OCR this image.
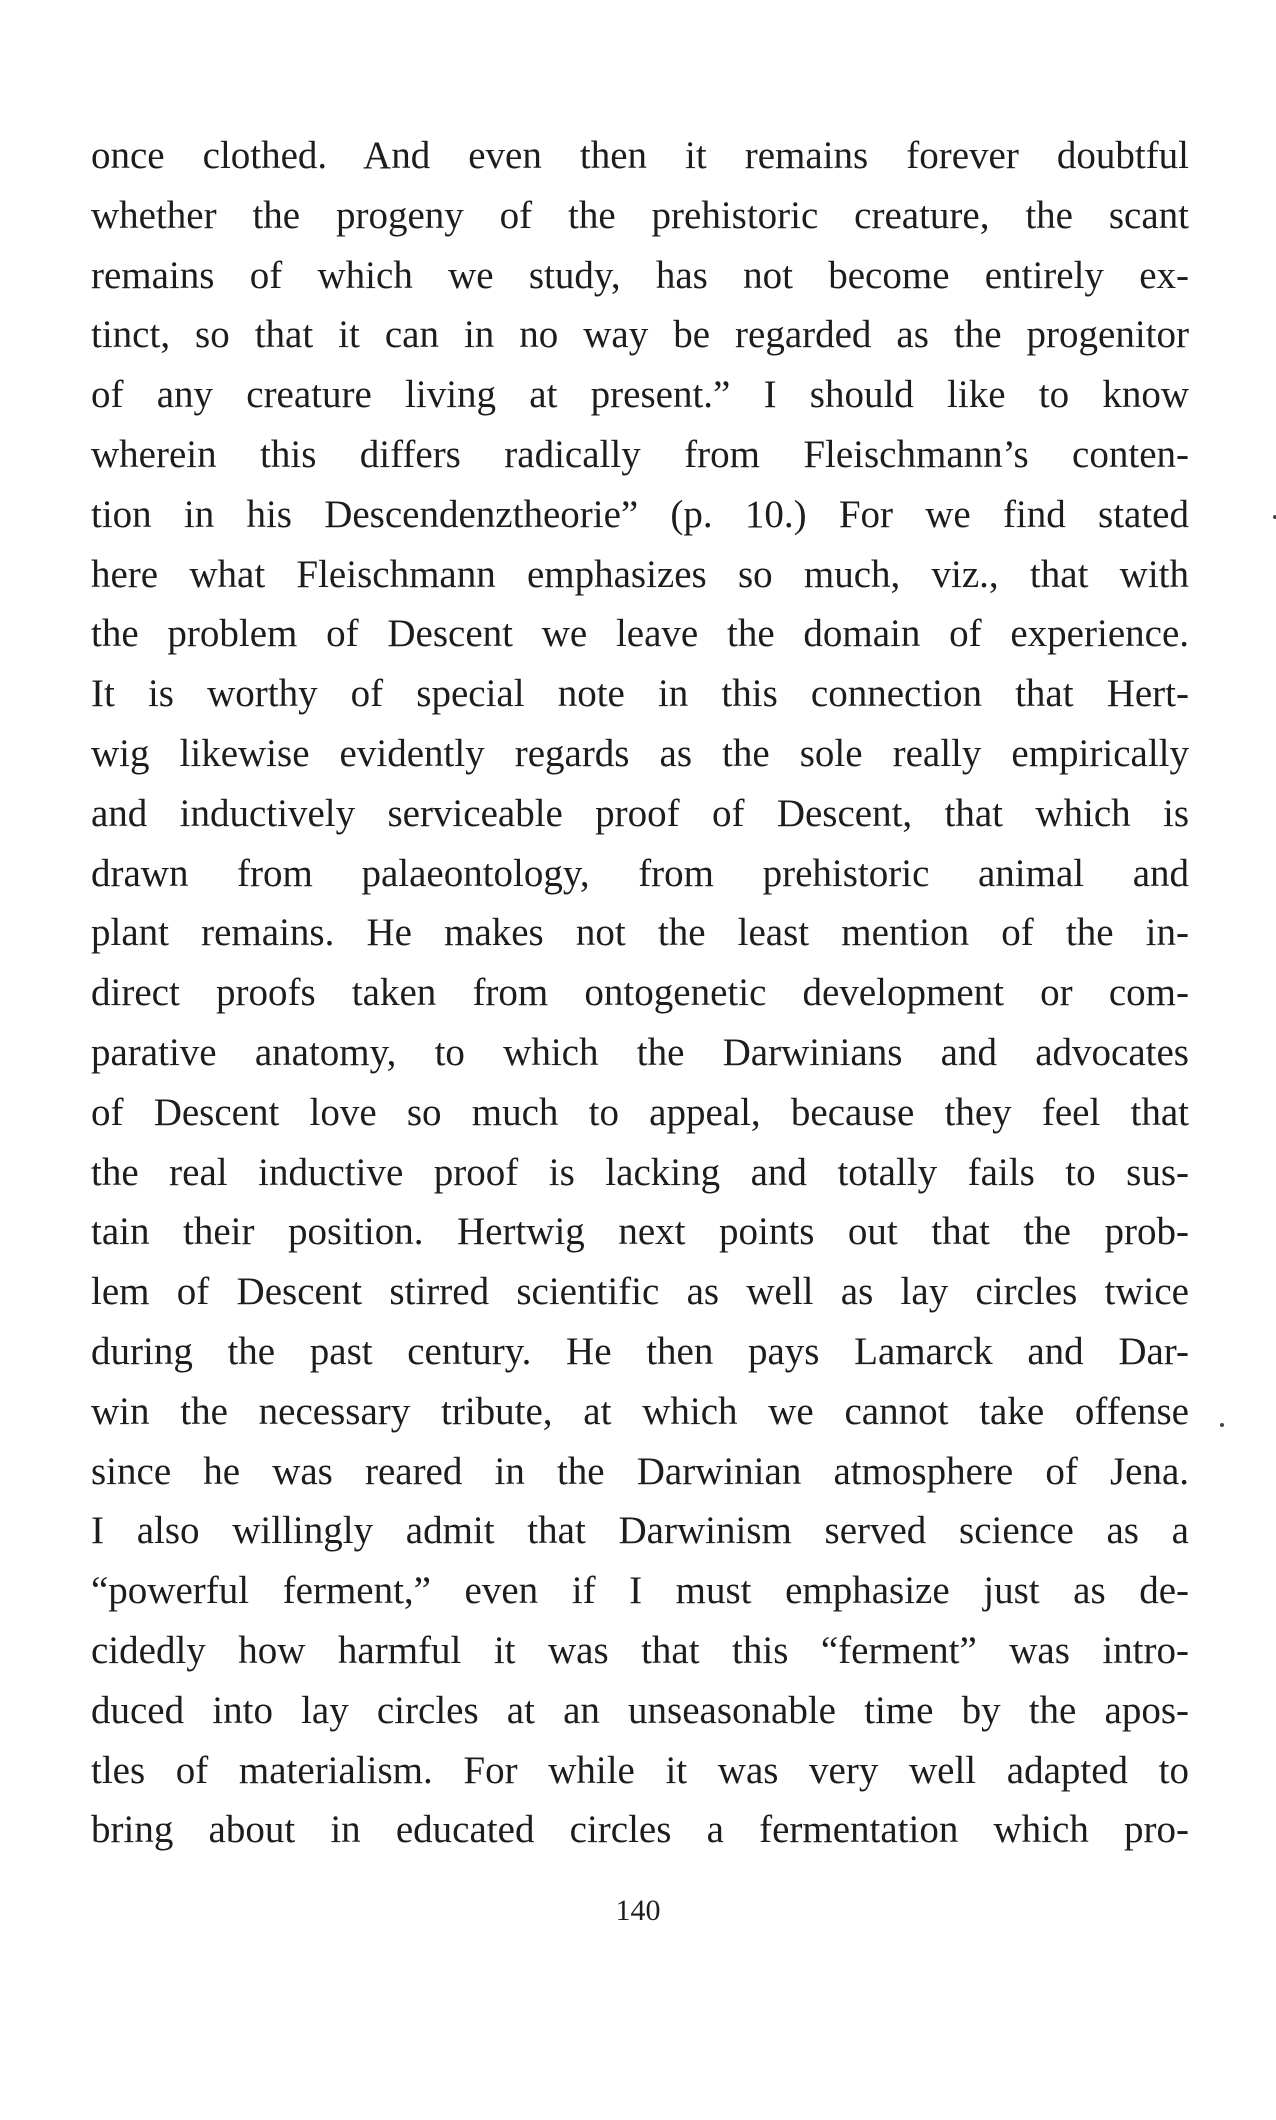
once clothed. And even then it remains forever doubtful
whether the progeny of the prehistoric creature, the scant
remains of which we study, has not become entirely ex-
tinct, so that it can in no way be regarded as the progenitor
of any creature living at present.” I should like to know
wherein this differs radically from Fleischmann’s conten-
tion in his Descendenztheorie” (p. 10.) For we find stated
here what Fleischmann emphasizes so much, viz., that with
the problem of Descent we leave the domain of experience.
It is worthy of special note in this connection that Hert-
wig likewise evidently regards as the sole really empirically
and inductively serviceable proof of Descent, that which is
drawn from palaeontology, from prehistoric animal and
plant remains. He makes not the least mention of the in-
direct proofs taken from ontogenetic development or com-
parative anatomy, to which the Darwinians and advocates
of Descent love so much to appeal, because they feel that
the real inductive proof is lacking and totally fails to sus-
tain their position. Hertwig next points out that the prob-
lem of Descent stirred scientific as well as lay circles twice
during the past century. He then pays Lamarck and Dar-
win the necessary tribute, at which we cannot take offense
since he was reared in the Darwinian atmosphere of Jena.
I also willingly admit that Darwinism served science as a
“powerful ferment,” even if I must emphasize just as de-
cidedly how harmful it was that this “ferment” was intro-
duced into lay circles at an unseasonable time by the apos-
tles of materialism. For while it was very well adapted to
bring about in educated circles a fermentation which pro-

140
